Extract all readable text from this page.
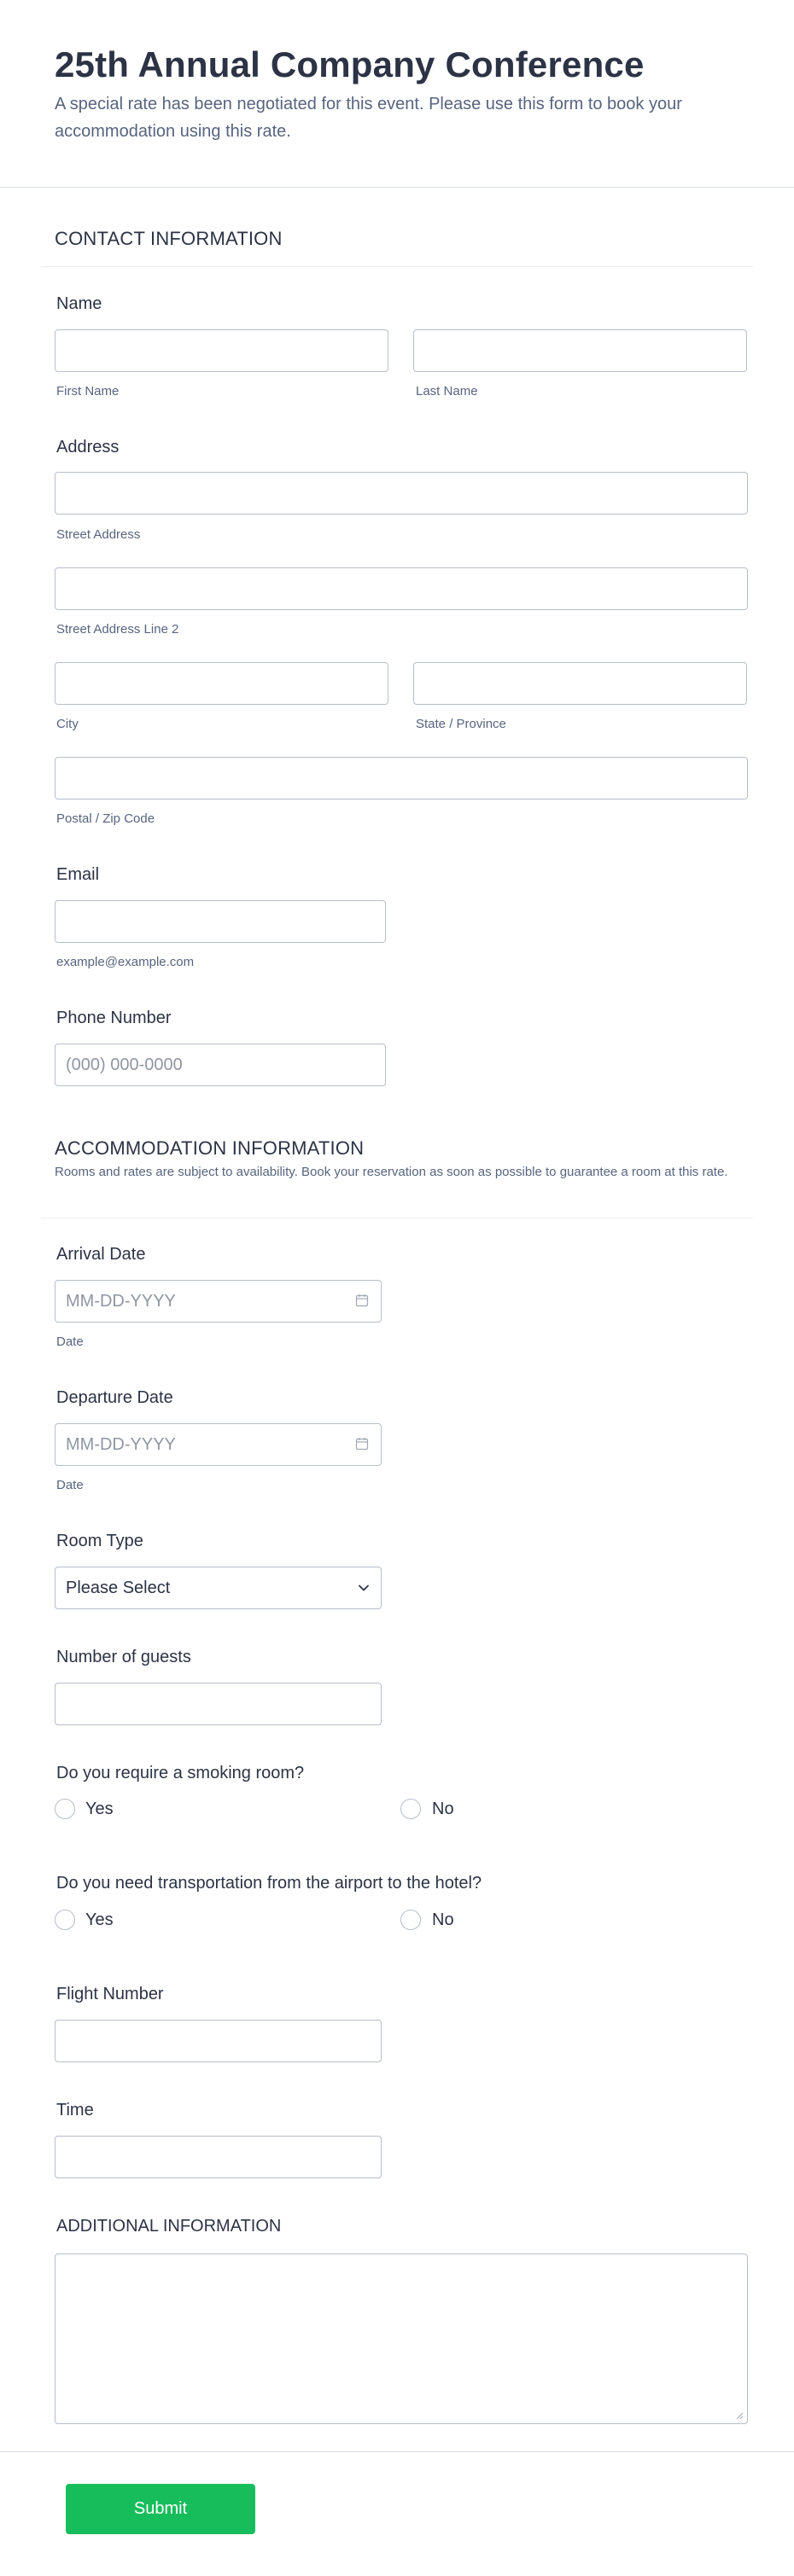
25th Annual Company Conference
A special rate has been negotiated for this event. Please use this form to book your accommodation using this rate.
CONTACT INFORMATION
Name
First Name	Last Name
Address
Street Address
Street Address Line 2
City	State / Province
Postal / Zip Code
Email
example@example.com
Phone Number
(000) 000-0000
ACCOMMODATION INFORMATION
Rooms and rates are subject to availability. Book your reservation as soon as possible to guarantee a room at this rate.
Arrival Date
MM-DD-YYYY
Date
Departure Date
MM-DD-YYYY
Date
Room Type
Please Select
Number of guests
Do you require a smoking room?
Yes	No
Do you need transportation from the airport to the hotel?
Yes	No
Flight Number
Time
ADDITIONAL INFORMATION
Submit
